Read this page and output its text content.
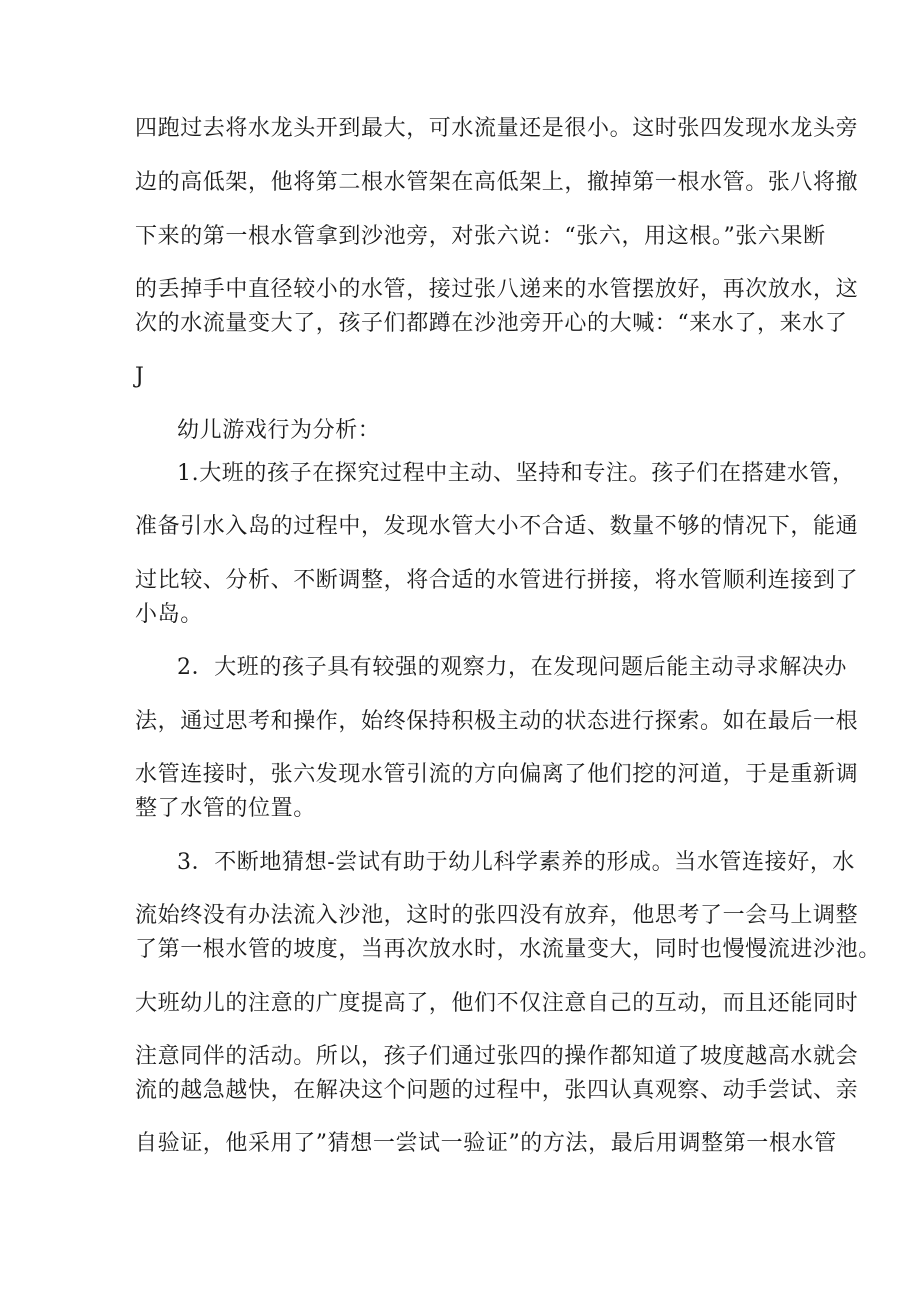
四跑过去将水龙头开到最大，可水流量还是很小。这时张四发现水龙头旁
边的高低架，他将第二根水管架在高低架上，撤掉第一根水管。张八将撤
下来的第一根水管拿到沙池旁，对张六说：“张六，用这根。”张六果断
的丢掉手中直径较小的水管，接过张八递来的水管摆放好，再次放水，这
次的水流量变大了，孩子们都蹲在沙池旁开心的大喊：“来水了，来水了
J
幼儿游戏行为分析：
1.大班的孩子在探究过程中主动、坚持和专注。孩子们在搭建水管，
准备引水入岛的过程中，发现水管大小不合适、数量不够的情况下，能通
过比较、分析、不断调整，将合适的水管进行拼接，将水管顺利连接到了
小岛。
2．大班的孩子具有较强的观察力，在发现问题后能主动寻求解决办
法，通过思考和操作，始终保持积极主动的状态进行探索。如在最后一根
水管连接时，张六发现水管引流的方向偏离了他们挖的河道，于是重新调
整了水管的位置。
3．不断地猜想-尝试有助于幼儿科学素养的形成。当水管连接好，水
流始终没有办法流入沙池，这时的张四没有放弃，他思考了一会马上调整
了第一根水管的坡度，当再次放水时，水流量变大，同时也慢慢流进沙池。
大班幼儿的注意的广度提高了，他们不仅注意自己的互动，而且还能同时
注意同伴的活动。所以，孩子们通过张四的操作都知道了坡度越高水就会
流的越急越快，在解决这个问题的过程中，张四认真观察、动手尝试、亲
自验证，他采用了”猜想一尝试一验证”的方法，最后用调整第一根水管
